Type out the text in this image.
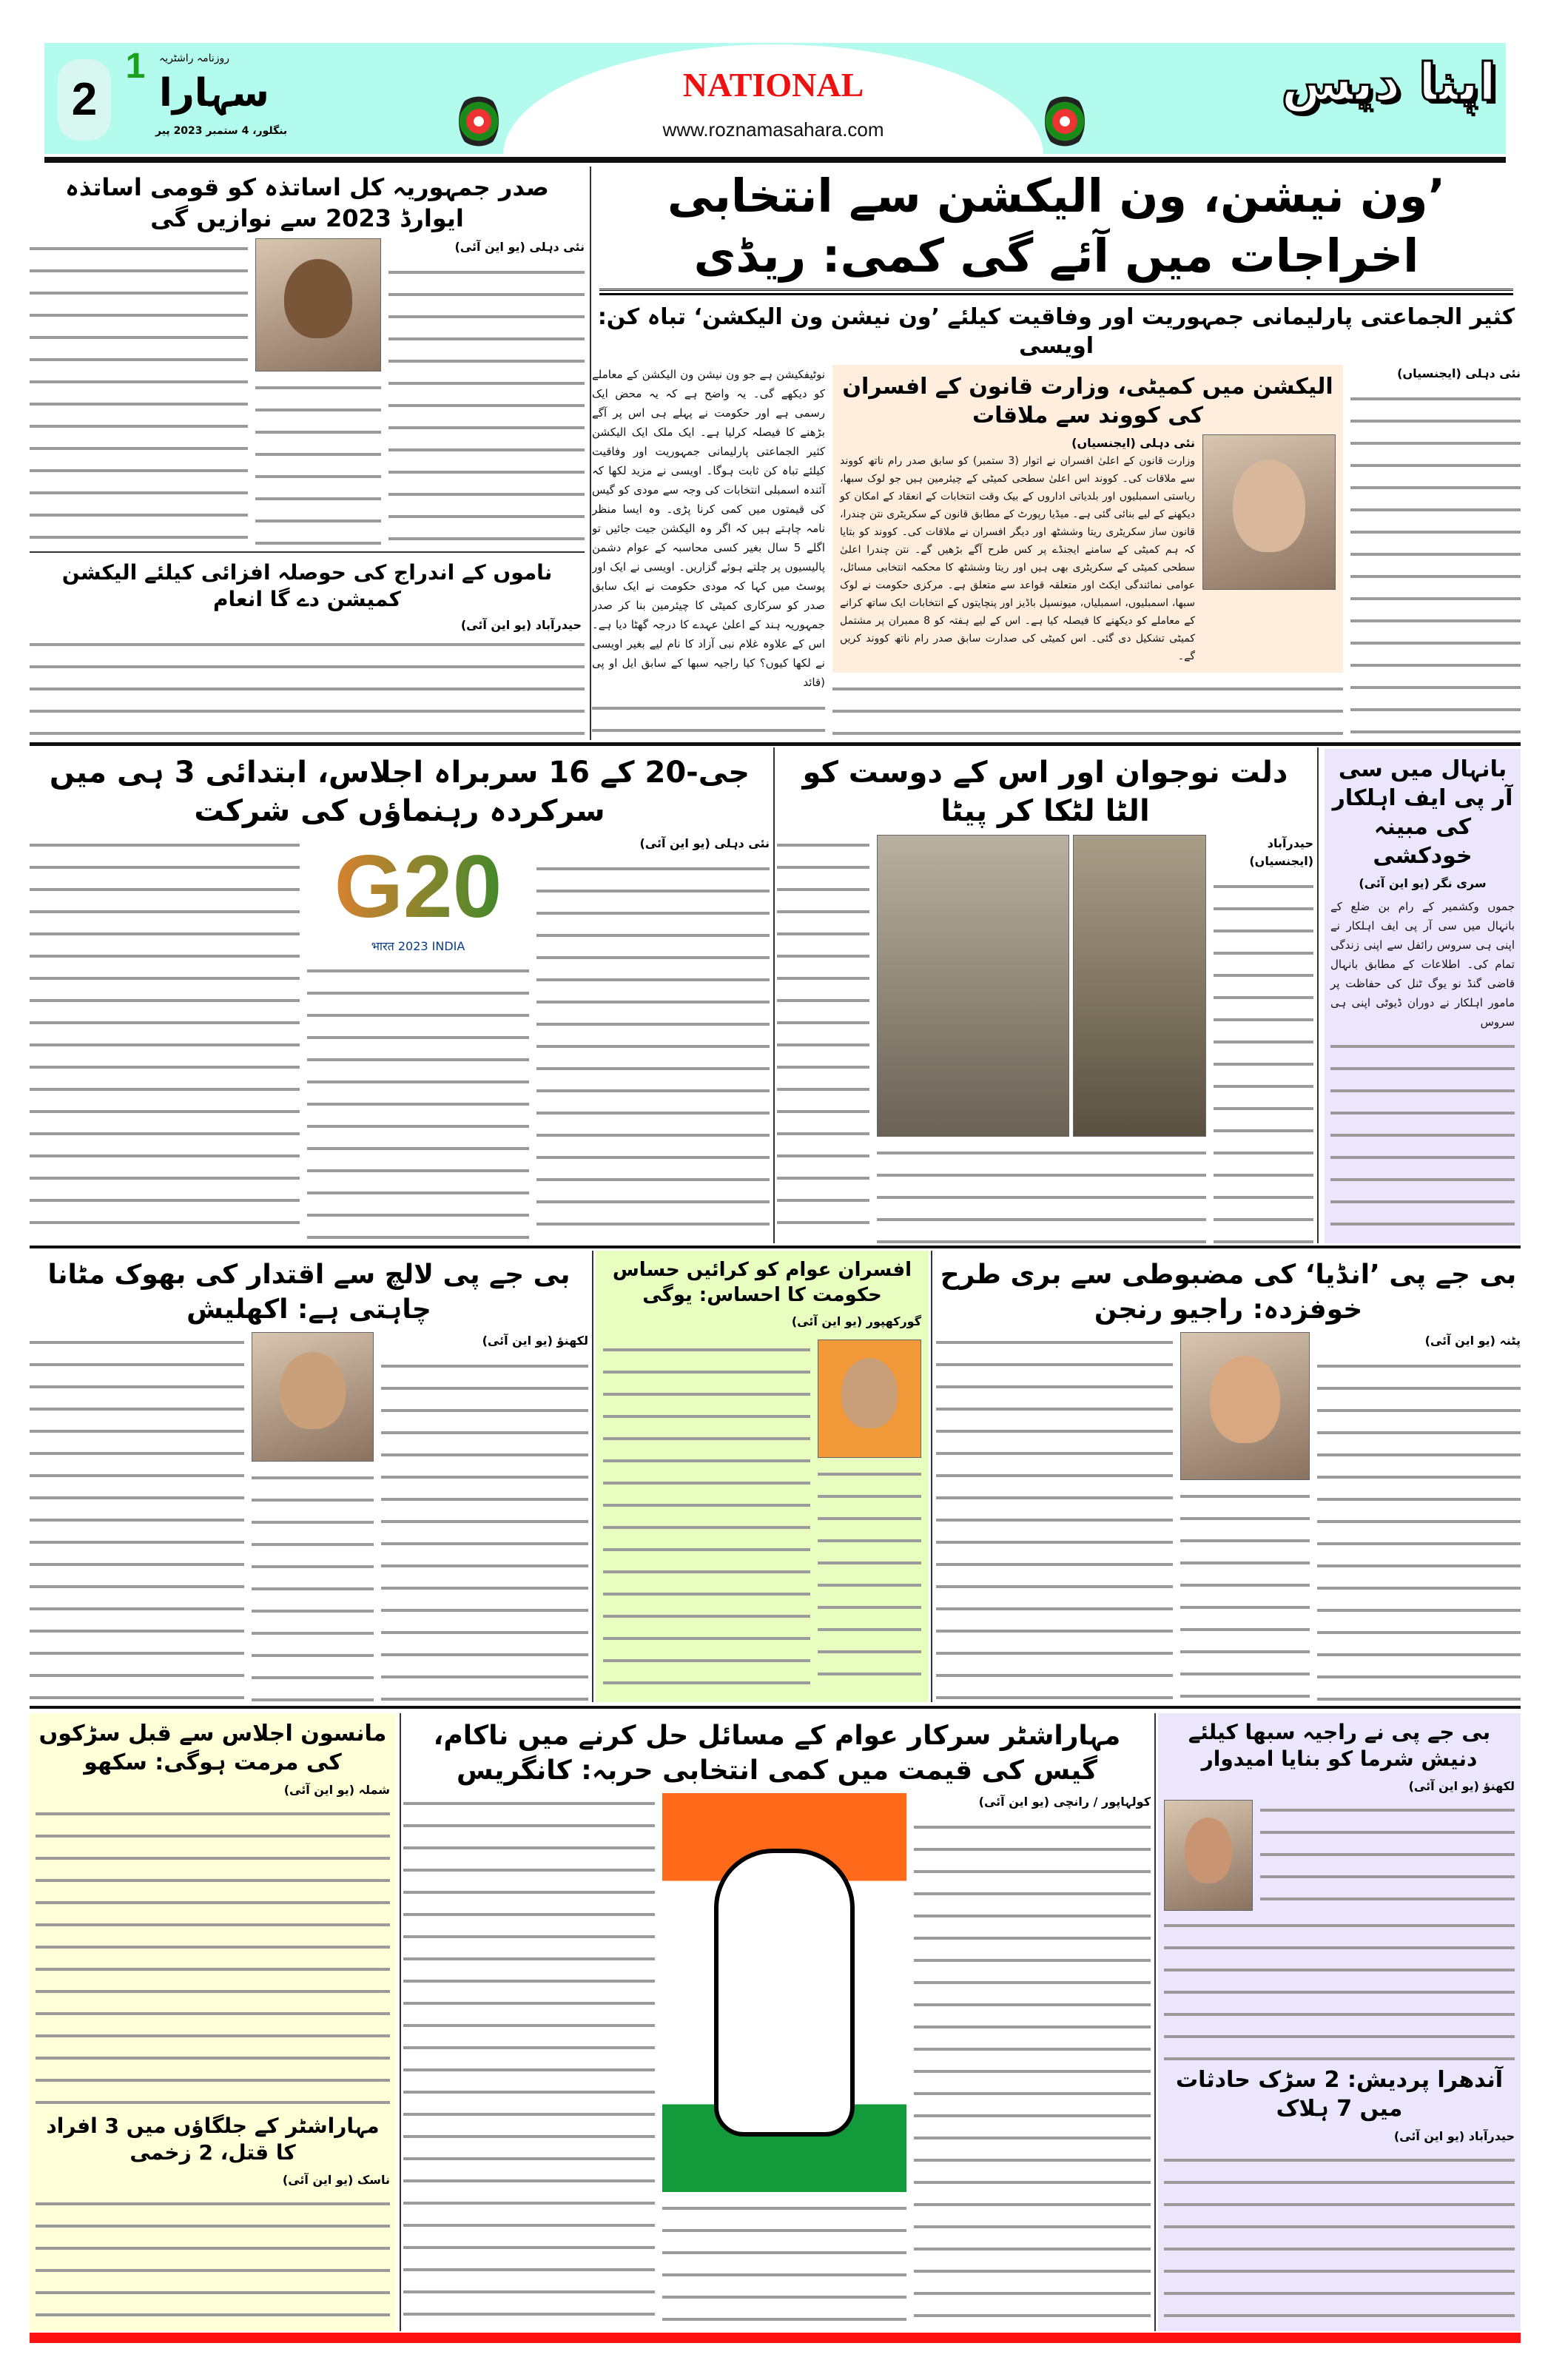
NATIONAL
www.roznamasahara.com
2
1	روزنامہ راشٹریہ
سہارا
بنگلور، 4 ستمبر 2023 پیر
اپنا دیس
’ون نیشن، ون الیکشن سے انتخابی اخراجات میں آئے گی کمی: ریڈی
کثیر الجماعتی پارلیمانی جمہوریت اور وفاقیت کیلئے ’ون نیشن ون الیکشن‘ تباہ کن: اویسی
نئی دہلی (ایجنسیاں)
الیکشن میں کمیٹی، وزارت قانون کے افسران کی کووند سے ملاقات
نئی دہلی (ایجنسیاں)
وزارت قانون کے اعلیٰ افسران نے اتوار (3 ستمبر) کو سابق صدر رام ناتھ کووند سے ملاقات کی۔ کووند اس اعلیٰ سطحی کمیٹی کے چیئرمین ہیں جو لوک سبھا، ریاستی اسمبلیوں اور بلدیاتی اداروں کے بیک وقت انتخابات کے انعقاد کے امکان کو دیکھنے کے لیے بنائی گئی ہے۔ میڈیا رپورٹ کے مطابق قانون کے سکریٹری نتن چندرا، قانون ساز سکریٹری ریتا وششٹھ اور دیگر افسران نے ملاقات کی۔ کووند کو بتایا کہ ہم کمیٹی کے سامنے ایجنڈے پر کس طرح آگے بڑھیں گے۔ نتن چندرا اعلیٰ سطحی کمیٹی کے سکریٹری بھی ہیں اور ریتا وششٹھ کا محکمہ انتخابی مسائل، عوامی نمائندگی ایکٹ اور متعلقہ قواعد سے متعلق ہے۔ مرکزی حکومت نے لوک سبھا، اسمبلیوں، اسمبلیاں، میونسپل باڈیز اور پنچایتوں کے انتخابات ایک ساتھ کرانے کے معاملے کو دیکھنے کا فیصلہ کیا ہے۔ اس کے لیے ہفتہ کو 8 ممبران پر مشتمل کمیٹی تشکیل دی گئی۔ اس کمیٹی کی صدارت سابق صدر رام ناتھ کووند کریں گے۔
نوٹیفکیشن ہے جو ون نیشن ون الیکشن کے معاملے کو دیکھے گی۔ یہ واضح ہے کہ یہ محض ایک رسمی ہے اور حکومت نے پہلے ہی اس پر آگے بڑھنے کا فیصلہ کرلیا ہے۔ ایک ملک ایک الیکشن کثیر الجماعتی پارلیمانی جمہوریت اور وفاقیت کیلئے تباہ کن ثابت ہوگا۔ اویسی نے مزید لکھا کہ آئندہ اسمبلی انتخابات کی وجہ سے مودی کو گیس کی قیمتوں میں کمی کرنا پڑی۔ وہ ایسا منظر نامہ چاہتے ہیں کہ اگر وہ الیکشن جیت جائیں تو اگلے 5 سال بغیر کسی محاسبہ کے عوام دشمن پالیسیوں پر چلتے ہوئے گزاریں۔ اویسی نے ایک اور پوسٹ میں کہا کہ مودی حکومت نے ایک سابق صدر کو سرکاری کمیٹی کا چیئرمین بنا کر صدر جمہوریہ ہند کے اعلیٰ عہدے کا درجہ گھٹا دیا ہے۔ اس کے علاوہ غلام نبی آزاد کا نام لیے بغیر اویسی نے لکھا کیوں؟ کیا راجیہ سبھا کے سابق ایل او پی (قائد
صدر جمہوریہ کل اساتذہ کو قومی اساتذہ ایوارڈ 2023 سے نوازیں گی
نئی دہلی (یو این آئی)
ناموں کے اندراج کی حوصلہ افزائی کیلئے الیکشن کمیشن دے گا انعام
حیدرآباد (یو این آئی)
جی-20 کے 16 سربراہ اجلاس، ابتدائی 3 ہی میں سرکردہ رہنماؤں کی شرکت
نئی دہلی (یو این آئی)
G20
भारत 2023 INDIA
دلت نوجوان اور اس کے دوست کو الٹا لٹکا کر پیٹا
حیدرآباد (ایجنسیاں)
بانہال میں سی آر پی ایف اہلکار کی مبینہ خودکشی
سری نگر (یو این آئی)
جموں وکشمیر کے رام بن ضلع کے بانہال میں سی آر پی ایف اہلکار نے اپنی ہی سروس رائفل سے اپنی زندگی تمام کی۔ اطلاعات کے مطابق بانہال قاضی گنڈ نو یوگ ٹنل کی حفاظت پر مامور اہلکار نے دوران ڈیوٹی اپنی ہی سروس
بی جے پی لالچ سے اقتدار کی بھوک مٹانا چاہتی ہے: اکھلیش
لکھنؤ (یو این آئی)
افسران عوام کو کرائیں حساس حکومت کا احساس: یوگی
گورکھپور (یو این آئی)
بی جے پی ’انڈیا‘ کی مضبوطی سے بری طرح خوفزدہ: راجیو رنجن
پٹنہ (یو این آئی)
مانسون اجلاس سے قبل سڑکوں کی مرمت ہوگی: سکھو
شملہ (یو این آئی)
مہاراشٹر کے جلگاؤں میں 3 افراد کا قتل، 2 زخمی
ناسک (یو این آئی)
مہاراشٹر سرکار عوام کے مسائل حل کرنے میں ناکام، گیس کی قیمت میں کمی انتخابی حربہ: کانگریس
کولہاپور / رانچی (یو این آئی)
بی جے پی نے راجیہ سبھا کیلئے دنیش شرما کو بنایا امیدوار
لکھنؤ (یو این آئی)
آندھرا پردیش: 2 سڑک حادثات میں 7 ہلاک
حیدرآباد (یو این آئی)
